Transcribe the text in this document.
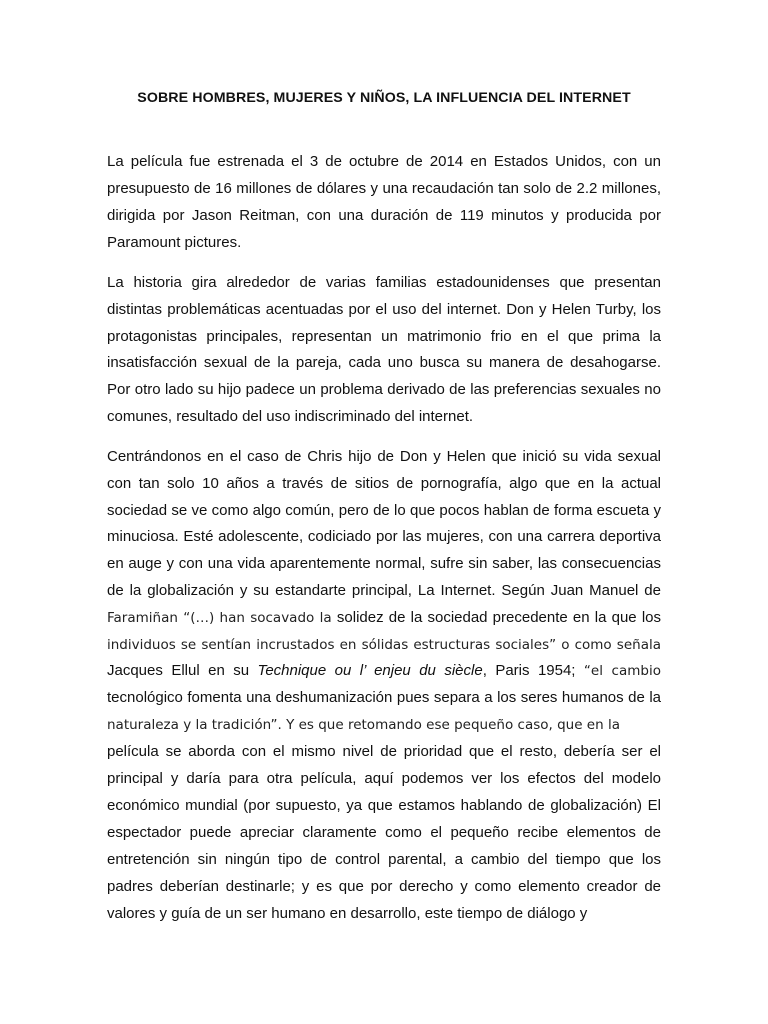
SOBRE HOMBRES, MUJERES Y NIÑOS, LA INFLUENCIA DEL INTERNET

La película fue estrenada el 3 de octubre de 2014 en Estados Unidos, con un

presupuesto de 16 millones de dólares y una recaudación tan solo de 2.2 millones,

dirigida por Jason Reitman, con una duración de 119 minutos y producida por

Paramount pictures.

La historia gira alrededor de varias familias estadounidenses que presentan

distintas problemáticas acentuadas por el uso del internet. Don y Helen Turby, los

protagonistas principales, representan un matrimonio frio en el que prima la

insatisfacción sexual de la pareja, cada uno busca su manera de desahogarse.

Por otro lado su hijo padece un problema derivado de las preferencias sexuales no

comunes, resultado del uso indiscriminado del internet.

Centrándonos en el caso de Chris hijo de Don y Helen que inició su vida sexual

con tan solo 10 años a través de sitios de pornografía, algo que en la actual

sociedad se ve como algo común, pero de lo que pocos hablan de forma escueta y

minuciosa. Esté adolescente, codiciado por las mujeres, con una carrera deportiva

en auge y con una vida aparentemente normal, sufre sin saber, las consecuencias

de la globalización y su estandarte principal, La Internet. Según Juan Manuel de

Faramiñan “(…) han socavado la solidez de la sociedad precedente en la que los

individuos se sentían incrustados en sólidas estructuras sociales” o como señala

Jacques Ellul en su Technique ou l’ enjeu du siècle, Paris 1954; “el cambio

tecnológico fomenta una deshumanización pues separa a los seres humanos de la

naturaleza y la tradición”. Y es que retomando ese pequeño caso, que en la

película se aborda con el mismo nivel de prioridad que el resto, debería ser el

principal y daría para otra película, aquí podemos ver los efectos del modelo

económico mundial (por supuesto, ya que estamos hablando de globalización) El

espectador puede apreciar claramente como el pequeño recibe elementos de

entretención sin ningún tipo de control parental, a cambio del tiempo que los

padres deberían destinarle; y es que por derecho y como elemento creador de

valores y guía de un ser humano en desarrollo, este tiempo de diálogo y
